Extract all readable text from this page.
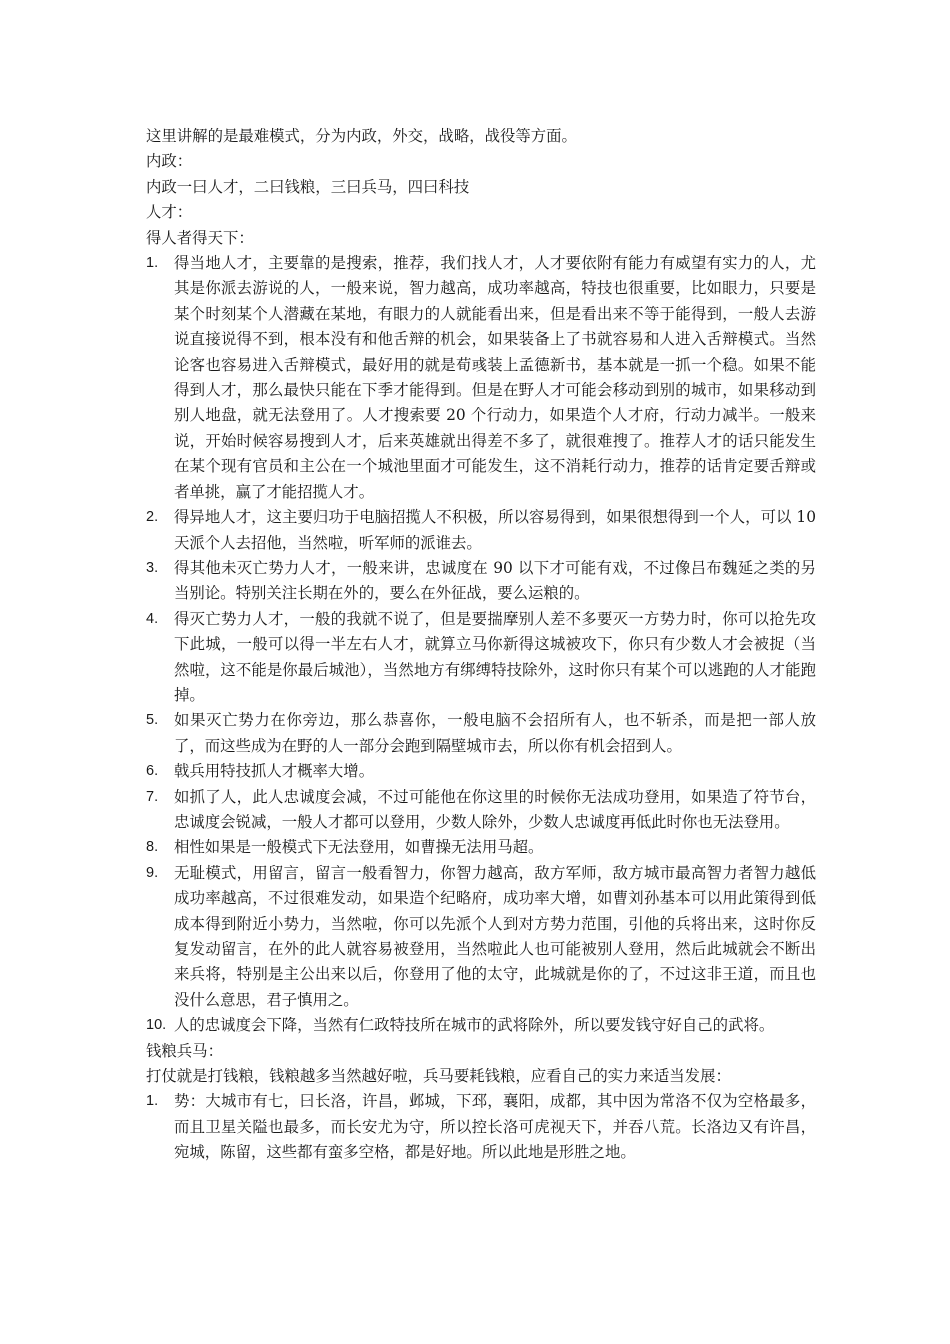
这里讲解的是最难模式，分为内政，外交，战略，战役等方面。

内政：

内政一曰人才，二曰钱粮，三曰兵马，四曰科技

人才：

得人者得天下：

1. 得当地人才，主要靠的是搜索，推荐，我们找人才，人才要依附有能力有威望有实力的人，尤其是你派去游说的人，一般来说，智力越高，成功率越高，特技也很重要，比如眼力，只要是某个时刻某个人潜藏在某地，有眼力的人就能看出来，但是看出来不等于能得到，一般人去游说直接说得不到，根本没有和他舌辩的机会，如果装备上了书就容易和人进入舌辩模式。当然论客也容易进入舌辩模式，最好用的就是荀彧装上孟德新书，基本就是一抓一个稳。如果不能得到人才，那么最快只能在下季才能得到。但是在野人才可能会移动到别的城市，如果移动到别人地盘，就无法登用了。人才搜索要 20 个行动力，如果造个人才府，行动力减半。一般来说，开始时候容易搜到人才，后来英雄就出得差不多了，就很难搜了。推荐人才的话只能发生在某个现有官员和主公在一个城池里面才可能发生，这不消耗行动力，推荐的话肯定要舌辩或者单挑，赢了才能招揽人才。
2. 得异地人才，这主要归功于电脑招揽人不积极，所以容易得到，如果很想得到一个人，可以 10 天派个人去招他，当然啦，听军师的派谁去。
3. 得其他未灭亡势力人才，一般来讲，忠诚度在 90 以下才可能有戏，不过像吕布魏延之类的另当别论。特别关注长期在外的，要么在外征战，要么运粮的。
4. 得灭亡势力人才，一般的我就不说了，但是要揣摩别人差不多要灭一方势力时，你可以抢先攻下此城，一般可以得一半左右人才，就算立马你新得这城被攻下，你只有少数人才会被捉（当然啦，这不能是你最后城池），当然地方有绑缚特技除外，这时你只有某个可以逃跑的人才能跑掉。
5. 如果灭亡势力在你旁边，那么恭喜你，一般电脑不会招所有人，也不斩杀，而是把一部人放了，而这些成为在野的人一部分会跑到隔壁城市去，所以你有机会招到人。
6. 戟兵用特技抓人才概率大增。
7. 如抓了人，此人忠诚度会减，不过可能他在你这里的时候你无法成功登用，如果造了符节台，忠诚度会锐减，一般人才都可以登用，少数人除外，少数人忠诚度再低此时你也无法登用。
8. 相性如果是一般模式下无法登用，如曹操无法用马超。
9. 无耻模式，用留言，留言一般看智力，你智力越高，敌方军师，敌方城市最高智力者智力越低成功率越高，不过很难发动，如果造个纪略府，成功率大增，如曹刘孙基本可以用此策得到低成本得到附近小势力，当然啦，你可以先派个人到对方势力范围，引他的兵将出来，这时你反复发动留言，在外的此人就容易被登用，当然啦此人也可能被别人登用，然后此城就会不断出来兵将，特别是主公出来以后，你登用了他的太守，此城就是你的了，不过这非王道，而且也没什么意思，君子慎用之。
10. 人的忠诚度会下降，当然有仁政特技所在城市的武将除外，所以要发钱守好自己的武将。

钱粮兵马：

打仗就是打钱粮，钱粮越多当然越好啦，兵马要耗钱粮，应看自己的实力来适当发展：

1. 势：大城市有七，曰长洛，许昌，邺城，下邳，襄阳，成都，其中因为常洛不仅为空格最多，而且卫星关隘也最多，而长安尤为守，所以控长洛可虎视天下，并吞八荒。长洛边又有许昌，宛城，陈留，这些都有蛮多空格，都是好地。所以此地是形胜之地。
